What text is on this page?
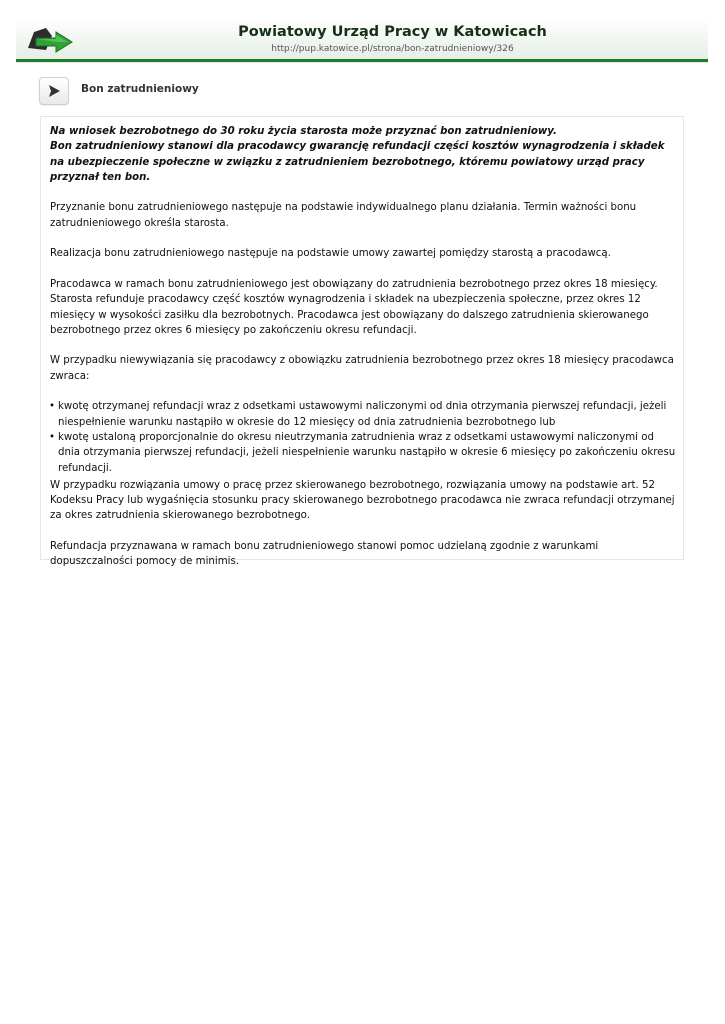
Powiatowy Urząd Pracy w Katowicach
http://pup.katowice.pl/strona/bon-zatrudnieniowy/326
Bon zatrudnieniowy

Na wniosek bezrobotnego do 30 roku życia starosta może przyznać bon zatrudnieniowy.
Bon zatrudnieniowy stanowi dla pracodawcy gwarancję refundacji części kosztów wynagrodzenia i składek na ubezpieczenie społeczne w związku z zatrudnieniem bezrobotnego, któremu powiatowy urząd pracy przyznał ten bon.

Przyznanie bonu zatrudnieniowego następuje na podstawie indywidualnego planu działania. Termin ważności bonu zatrudnieniowego określa starosta.

Realizacja bonu zatrudnieniowego następuje na podstawie umowy zawartej pomiędzy starostą a pracodawcą.

Pracodawca w ramach bonu zatrudnieniowego jest obowiązany do zatrudnienia bezrobotnego przez okres 18 miesięcy. Starosta refunduje pracodawcy część kosztów wynagrodzenia i składek na ubezpieczenia społeczne, przez okres 12 miesięcy w wysokości zasiłku dla bezrobotnych. Pracodawca jest obowiązany do dalszego zatrudnienia skierowanego bezrobotnego przez okres 6 miesięcy po zakończeniu okresu refundacji.

W przypadku niewywiązania się pracodawcy z obowiązku zatrudnienia bezrobotnego przez okres 18 miesięcy pracodawca zwraca:

• kwotę otrzymanej refundacji wraz z odsetkami ustawowymi naliczonymi od dnia otrzymania pierwszej refundacji, jeżeli niespełnienie warunku nastąpiło w okresie do 12 miesięcy od dnia zatrudnienia bezrobotnego lub
• kwotę ustaloną proporcjonalnie do okresu nieutrzymania zatrudnienia wraz z odsetkami ustawowymi naliczonymi od dnia otrzymania pierwszej refundacji, jeżeli niespełnienie warunku nastąpiło w okresie 6 miesięcy po zakończeniu okresu refundacji.

W przypadku rozwiązania umowy o pracę przez skierowanego bezrobotnego, rozwiązania umowy na podstawie art. 52 Kodeksu Pracy lub wygaśnięcia stosunku pracy skierowanego bezrobotnego pracodawca nie zwraca refundacji otrzymanej za okres zatrudnienia skierowanego bezrobotnego.

Refundacja przyznawana w ramach bonu zatrudnieniowego stanowi pomoc udzielaną zgodnie z warunkami dopuszczalności pomocy de minimis.
